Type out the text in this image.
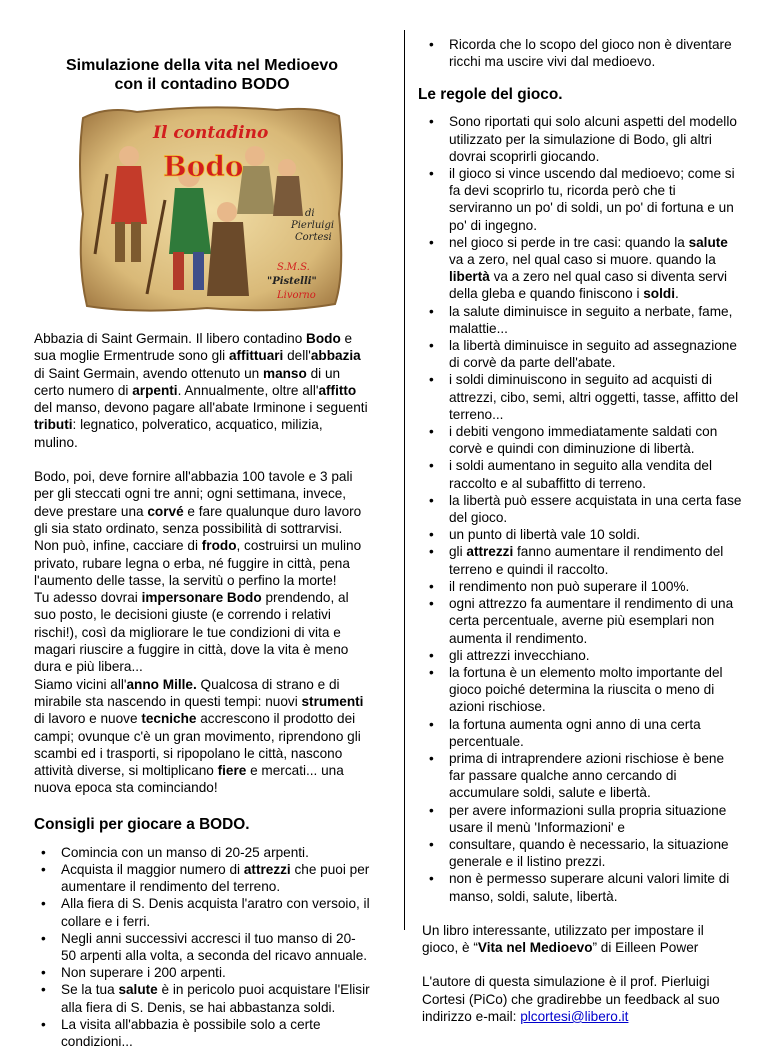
Simulazione della vita nel Medioevo
con il contadino BODO

Il contadino
Bodo
di
Pierluigi
Cortesi
S.M.S.
"Pistelli"
Livorno

Abbazia di Saint Germain. Il libero contadino Bodo e sua moglie Ermentrude sono gli affittuari dell'abbazia di Saint Germain, avendo ottenuto un manso di un certo numero di arpenti. Annualmente, oltre all'affitto del manso, devono pagare all'abate Irminone i seguenti tributi: legnatico, polveratico, acquatico, milizia, mulino.

Bodo, poi, deve fornire all'abbazia 100 tavole e 3 pali per gli steccati ogni tre anni; ogni settimana, invece, deve prestare una corvé e fare qualunque duro lavoro gli sia stato ordinato, senza possibilità di sottrarvisi.
Non può, infine, cacciare di frodo, costruirsi un mulino privato, rubare legna o erba, né fuggire in città, pena l'aumento delle tasse, la servitù o perfino la morte!
Tu adesso dovrai impersonare Bodo prendendo, al suo posto, le decisioni giuste (e correndo i relativi rischi!), così da migliorare le tue condizioni di vita e magari riuscire a fuggire in città, dove la vita è meno dura e più libera...
Siamo vicini all'anno Mille. Qualcosa di strano e di mirabile sta nascendo in questi tempi: nuovi strumenti di lavoro e nuove tecniche accrescono il prodotto dei campi; ovunque c'è un gran movimento, riprendono gli scambi ed i trasporti, si ripopolano le città, nascono attività diverse, si moltiplicano fiere e mercati... una nuova epoca sta cominciando!

Consigli per giocare a BODO.
• Comincia con un manso di 20-25 arpenti.
• Acquista il maggior numero di attrezzi che puoi per aumentare il rendimento del terreno.
• Alla fiera di S. Denis acquista l'aratro con versoio, il collare e i ferri.
• Negli anni successivi accresci il tuo manso di 20-50 arpenti alla volta, a seconda del ricavo annuale.
• Non superare i 200 arpenti.
• Se la tua salute è in pericolo puoi acquistare l'Elisir alla fiera di S. Denis, se hai abbastanza soldi.
• La visita all'abbazia è possibile solo a certe condizioni...
• Ricorda che lo scopo del gioco non è diventare ricchi ma uscire vivi dal medioevo.
Le regole del gioco.
• Sono riportati qui solo alcuni aspetti del modello utilizzato per la simulazione di Bodo, gli altri dovrai scoprirli giocando.
• il gioco si vince uscendo dal medioevo; come si fa devi scoprirlo tu, ricorda però che ti serviranno un po' di soldi, un po' di fortuna e un po' di ingegno.
• nel gioco si perde in tre casi: quando la salute va a zero, nel qual caso si muore. quando la libertà va a zero nel qual caso si diventa servi della gleba e quando finiscono i soldi.
• la salute diminuisce in seguito a nerbate, fame, malattie...
• la libertà diminuisce in seguito ad assegnazione di corvè da parte dell'abate.
• i soldi diminuiscono in seguito ad acquisti di attrezzi, cibo, semi, altri oggetti, tasse, affitto del terreno...
• i debiti vengono immediatamente saldati con corvè e quindi con diminuzione di libertà.
• i soldi aumentano in seguito alla vendita del raccolto e al subaffitto di terreno.
• la libertà può essere acquistata in una certa fase del gioco.
• un punto di libertà vale 10 soldi.
• gli attrezzi fanno aumentare il rendimento del terreno e quindi il raccolto.
• il rendimento non può superare il 100%.
• ogni attrezzo fa aumentare il rendimento di una certa percentuale, averne più esemplari non aumenta il rendimento.
• gli attrezzi invecchiano.
• la fortuna è un elemento molto importante del gioco poiché determina la riuscita o meno di azioni rischiose.
• la fortuna aumenta ogni anno di una certa percentuale.
• prima di intraprendere azioni rischiose è bene far passare qualche anno cercando di accumulare soldi, salute e libertà.
• per avere informazioni sulla propria situazione usare il menù 'Informazioni' e
• consultare, quando è necessario, la situazione generale e il listino prezzi.
• non è permesso superare alcuni valori limite di manso, soldi, salute, libertà.

Un libro interessante, utilizzato per impostare il gioco, è “Vita nel Medioevo” di Eilleen Power

L'autore di questa simulazione è il prof. Pierluigi Cortesi (PiCo) che gradirebbe un feedback al suo indirizzo e-mail: plcortesi@libero.it
